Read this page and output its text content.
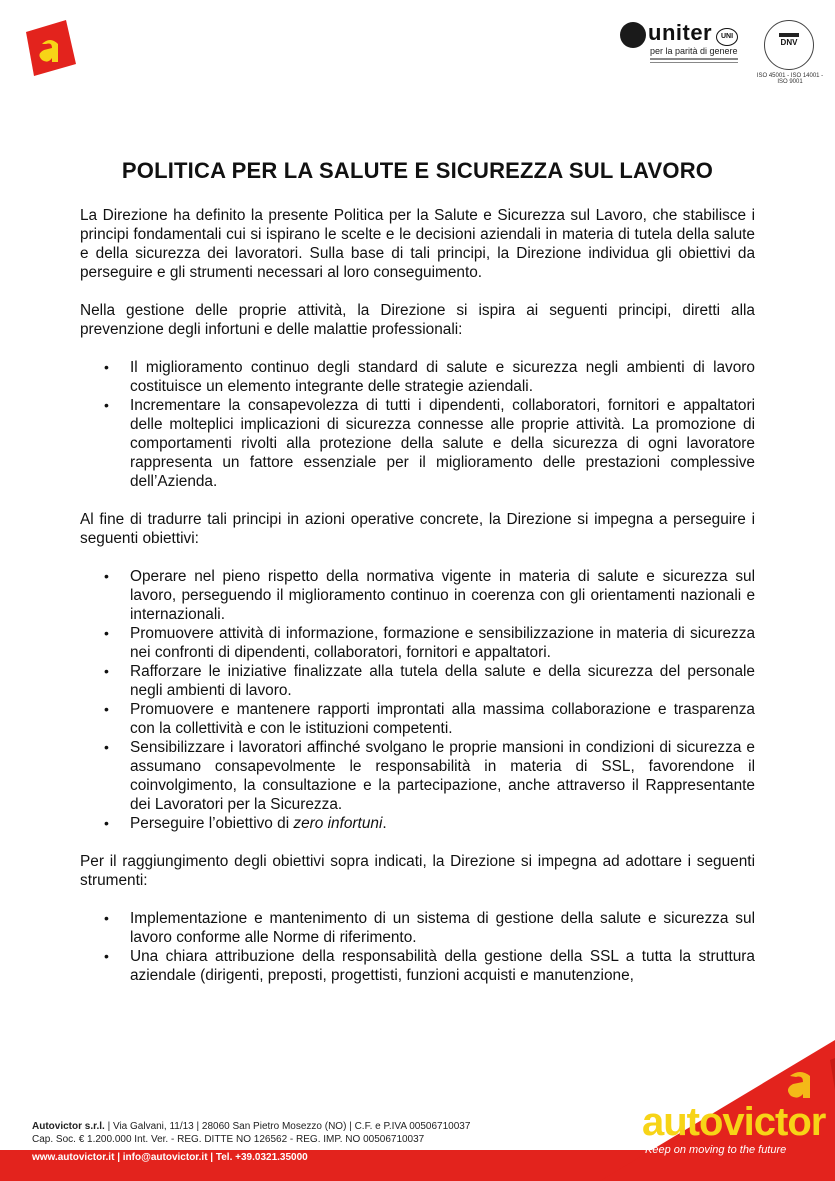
uniter	UNI
per la parità di genere
DNV
ISO 45001 - ISO 14001 - ISO 9001
POLITICA PER LA SALUTE E SICUREZZA SUL LAVORO

La Direzione ha definito la presente Politica per la Salute e Sicurezza sul Lavoro, che stabilisce i principi fondamentali cui si ispirano le scelte e le decisioni aziendali in materia di tutela della salute e della sicurezza dei lavoratori. Sulla base di tali principi, la Direzione individua gli obiettivi da perseguire e gli strumenti necessari al loro conseguimento.

Nella gestione delle proprie attività, la Direzione si ispira ai seguenti principi, diretti alla prevenzione degli infortuni e delle malattie professionali:

• Il miglioramento continuo degli standard di salute e sicurezza negli ambienti di lavoro costituisce un elemento integrante delle strategie aziendali.
• Incrementare la consapevolezza di tutti i dipendenti, collaboratori, fornitori e appaltatori delle molteplici implicazioni di sicurezza connesse alle proprie attività. La promozione di comportamenti rivolti alla protezione della salute e della sicurezza di ogni lavoratore rappresenta un fattore essenziale per il miglioramento delle prestazioni complessive dell’Azienda.

Al fine di tradurre tali principi in azioni operative concrete, la Direzione si impegna a perseguire i seguenti obiettivi:

• Operare nel pieno rispetto della normativa vigente in materia di salute e sicurezza sul lavoro, perseguendo il miglioramento continuo in coerenza con gli orientamenti nazionali e internazionali.
• Promuovere attività di informazione, formazione e sensibilizzazione in materia di sicurezza nei confronti di dipendenti, collaboratori, fornitori e appaltatori.
• Rafforzare le iniziative finalizzate alla tutela della salute e della sicurezza del personale negli ambienti di lavoro.
• Promuovere e mantenere rapporti improntati alla massima collaborazione e trasparenza con la collettività e con le istituzioni competenti.
• Sensibilizzare i lavoratori affinché svolgano le proprie mansioni in condizioni di sicurezza e assumano consapevolmente le responsabilità in materia di SSL, favorendone il coinvolgimento, la consultazione e la partecipazione, anche attraverso il Rappresentante dei Lavoratori per la Sicurezza.
• Perseguire l’obiettivo di zero infortuni.

Per il raggiungimento degli obiettivi sopra indicati, la Direzione si impegna ad adottare i seguenti strumenti:

• Implementazione e mantenimento di un sistema di gestione della salute e sicurezza sul lavoro conforme alle Norme di riferimento.
• Una chiara attribuzione della responsabilità della gestione della SSL a tutta la struttura aziendale (dirigenti, preposti, progettisti, funzioni acquisti e manutenzione,
Autovictor s.r.l. | Via Galvani, 11/13 | 28060 San Pietro Mosezzo (NO) | C.F. e P.IVA 00506710037
Cap. Soc. € 1.200.000 Int. Ver. - REG. DITTE NO 126562 - REG. IMP. NO 00506710037
www.autovictor.it | info@autovictor.it | Tel. +39.0321.35000
autovictor
Keep on moving to the future
